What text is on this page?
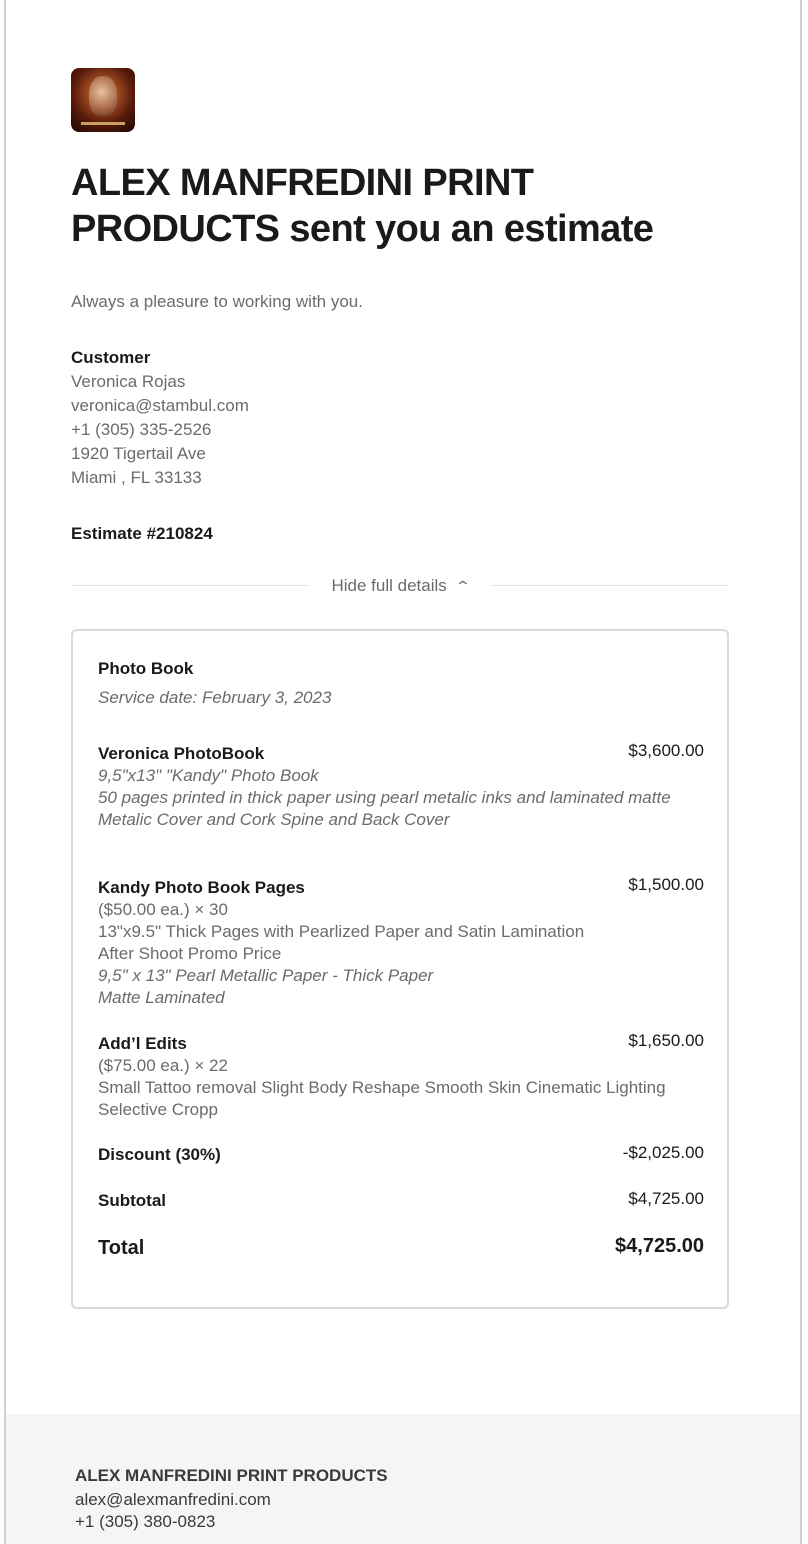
ALEX MANFREDINI PRINT PRODUCTS sent you an estimate
Always a pleasure to working with you.
Customer
Veronica Rojas
veronica@stambul.com
+1 (305) 335-2526
1920 Tigertail Ave
Miami , FL 33133
Estimate #210824
Hide full details ⌃
Photo Book
Service date: February 3, 2023
Veronica PhotoBook	$3,600.00
9,5"x13" "Kandy" Photo Book
50 pages printed in thick paper using pearl metalic inks and laminated matte
Metalic Cover and Cork Spine and Back Cover
Kandy Photo Book Pages	$1,500.00
($50.00 ea.) × 30
13"x9.5" Thick Pages with Pearlized Paper and Satin Lamination
After Shoot Promo Price
9,5" x 13" Pearl Metallic Paper - Thick Paper
Matte Laminated
Add’l Edits	$1,650.00
($75.00 ea.) × 22
Small Tattoo removal Slight Body Reshape Smooth Skin Cinematic Lighting Selective Cropp
Discount (30%)	-$2,025.00
Subtotal	$4,725.00
Total	$4,725.00
ALEX MANFREDINI PRINT PRODUCTS
alex@alexmanfredini.com
+1 (305) 380-0823
